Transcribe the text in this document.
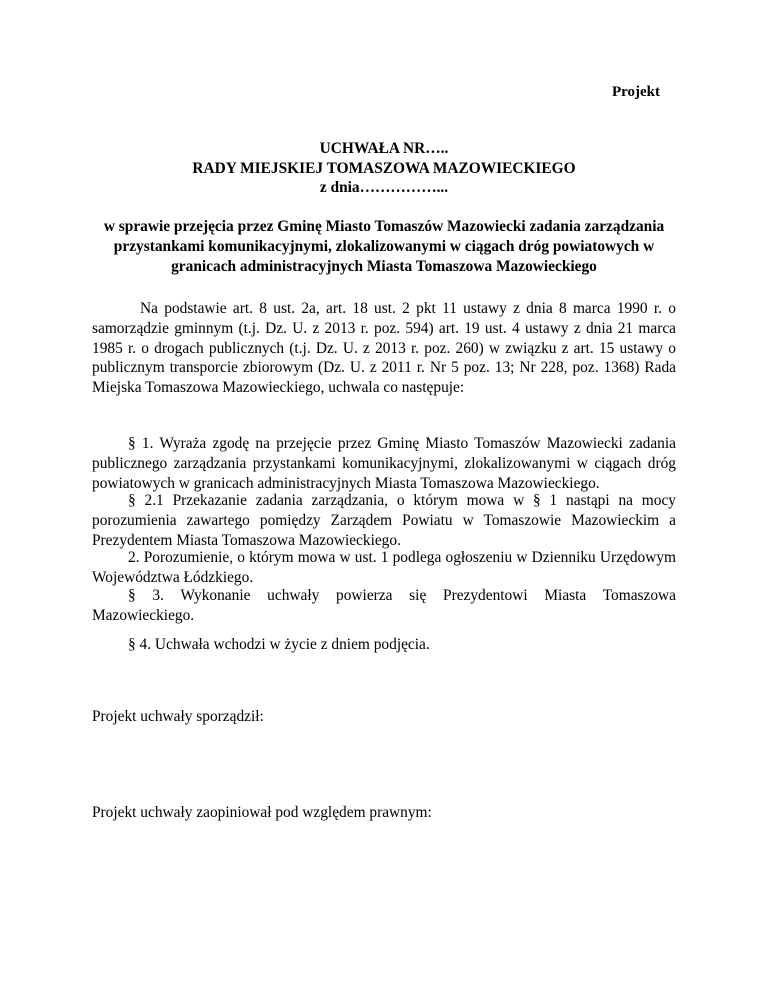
Projekt
UCHWAŁA NR…..
RADY MIEJSKIEJ TOMASZOWA MAZOWIECKIEGO
z dnia……………...
w sprawie przejęcia przez Gminę Miasto Tomaszów Mazowiecki zadania zarządzania przystankami komunikacyjnymi, zlokalizowanymi w ciągach dróg powiatowych w granicach administracyjnych Miasta Tomaszowa Mazowieckiego
Na podstawie art. 8 ust. 2a, art. 18 ust. 2 pkt 11 ustawy z dnia 8 marca 1990 r. o samorządzie gminnym (t.j. Dz. U. z 2013 r. poz. 594) art. 19 ust. 4 ustawy z dnia 21 marca 1985 r. o drogach publicznych (t.j. Dz. U. z 2013 r. poz. 260) w związku z art. 15 ustawy o publicznym transporcie zbiorowym (Dz. U. z 2011 r. Nr 5 poz. 13; Nr 228, poz. 1368) Rada Miejska Tomaszowa Mazowieckiego, uchwala co następuje:
§ 1. Wyraża zgodę na przejęcie przez Gminę Miasto Tomaszów Mazowiecki zadania publicznego zarządzania przystankami komunikacyjnymi, zlokalizowanymi w ciągach dróg powiatowych w granicach administracyjnych Miasta Tomaszowa Mazowieckiego.
§ 2.1 Przekazanie zadania zarządzania, o którym mowa w § 1 nastąpi na mocy porozumienia zawartego pomiędzy Zarządem Powiatu w Tomaszowie Mazowieckim a Prezydentem Miasta Tomaszowa Mazowieckiego.
2. Porozumienie, o którym mowa w ust. 1 podlega ogłoszeniu w Dzienniku Urzędowym Województwa Łódzkiego.
§ 3. Wykonanie uchwały powierza się Prezydentowi Miasta Tomaszowa Mazowieckiego.
§ 4. Uchwała wchodzi w życie z dniem podjęcia.
Projekt uchwały sporządził:
Projekt uchwały zaopiniował pod względem prawnym:
